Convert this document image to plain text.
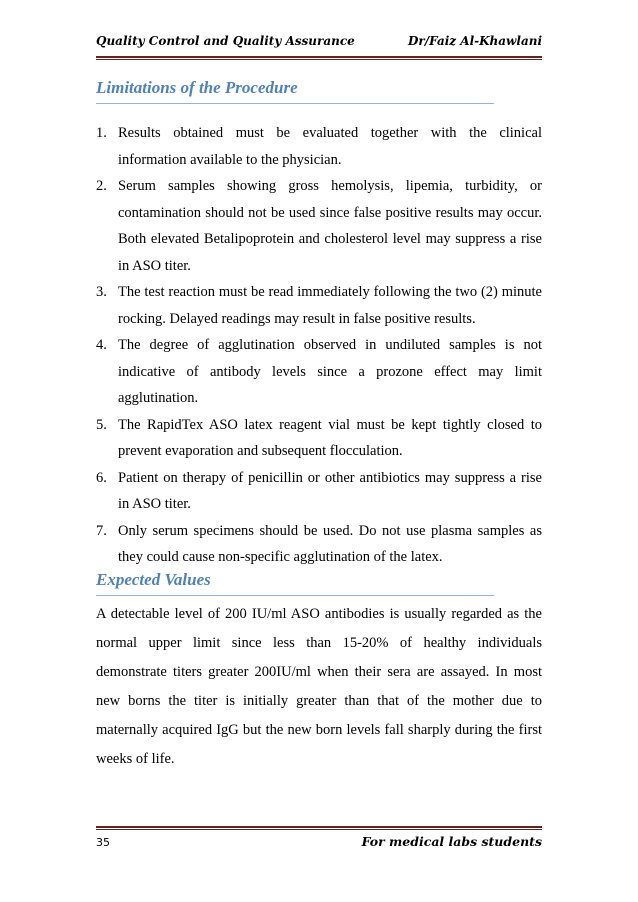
Quality Control and Quality Assurance	Dr/Faiz Al-Khawlani
Limitations of the Procedure
1. Results obtained must be evaluated together with the clinical information available to the physician.
2. Serum samples showing gross hemolysis, lipemia, turbidity, or contamination should not be used since false positive results may occur. Both elevated Betalipoprotein and cholesterol level may suppress a rise in ASO titer.
3. The test reaction must be read immediately following the two (2) minute rocking. Delayed readings may result in false positive results.
4. The degree of agglutination observed in undiluted samples is not indicative of antibody levels since a prozone effect may limit agglutination.
5. The RapidTex ASO latex reagent vial must be kept tightly closed to prevent evaporation and subsequent flocculation.
6. Patient on therapy of penicillin or other antibiotics may suppress a rise in ASO titer.
7. Only serum specimens should be used. Do not use plasma samples as they could cause non-specific agglutination of the latex.
Expected Values

A detectable level of 200 IU/ml ASO antibodies is usually regarded as the normal upper limit since less than 15-20% of healthy individuals demonstrate titers greater 200IU/ml when their sera are assayed. In most new borns the titer is initially greater than that of the mother due to maternally acquired IgG but the new born levels fall sharply during the first weeks of life.

35	For medical labs students
